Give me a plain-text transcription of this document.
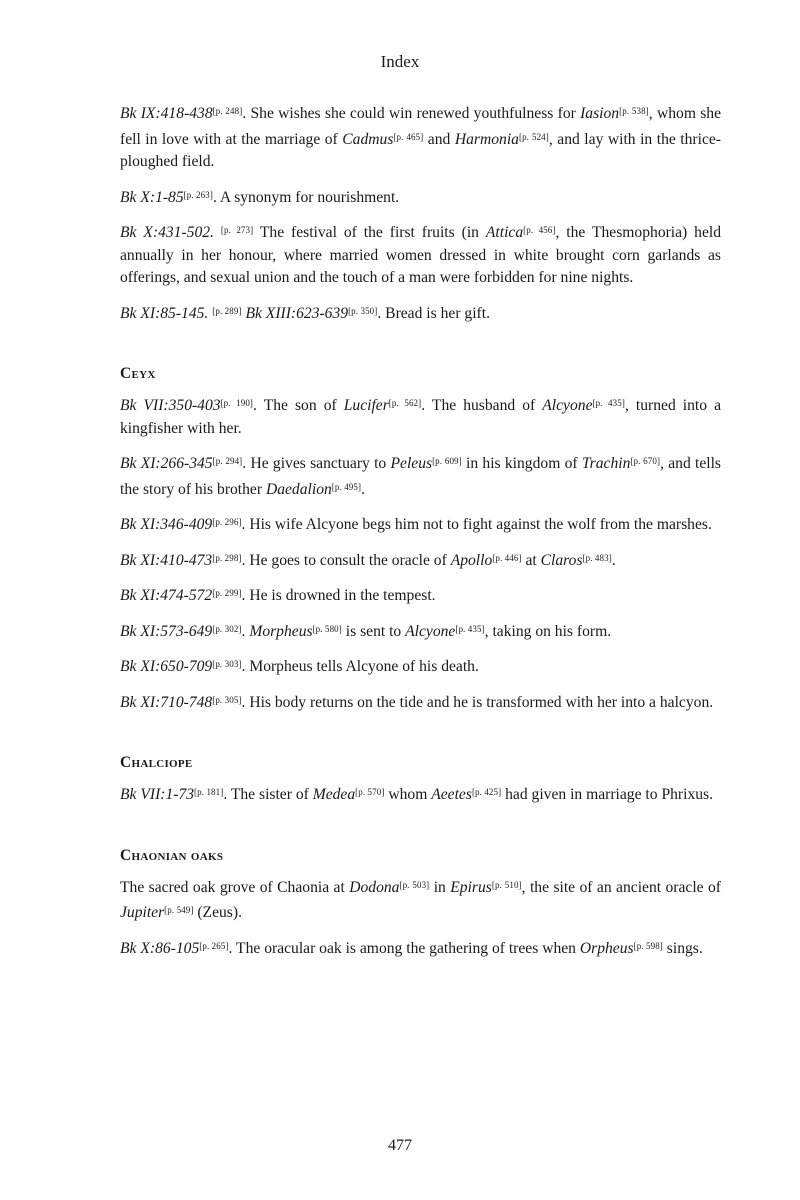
Index

Bk IX:418-438[p. 248]. She wishes she could win renewed youthfulness for Iasion[p. 538], whom she fell in love with at the marriage of Cadmus[p. 465] and Harmonia[p. 524], and lay with in the thrice-ploughed field.

Bk X:1-85[p. 263]. A synonym for nourishment.

Bk X:431-502. [p. 273] The festival of the first fruits (in Attica[p. 456], the Thesmophoria) held annually in her honour, where married women dressed in white brought corn garlands as offerings, and sexual union and the touch of a man were forbidden for nine nights.

Bk XI:85-145. [p. 289] Bk XIII:623-639[p. 350]. Bread is her gift.

Ceyx

Bk VII:350-403[p. 190]. The son of Lucifer[p. 562]. The husband of Alcyone[p. 435], turned into a kingfisher with her.

Bk XI:266-345[p. 294]. He gives sanctuary to Peleus[p. 609] in his kingdom of Trachin[p. 670], and tells the story of his brother Daedalion[p. 495].

Bk XI:346-409[p. 296]. His wife Alcyone begs him not to fight against the wolf from the marshes.

Bk XI:410-473[p. 298]. He goes to consult the oracle of Apollo[p. 446] at Claros[p. 483].

Bk XI:474-572[p. 299]. He is drowned in the tempest.

Bk XI:573-649[p. 302]. Morpheus[p. 580] is sent to Alcyone[p. 435], taking on his form.

Bk XI:650-709[p. 303]. Morpheus tells Alcyone of his death.

Bk XI:710-748[p. 305]. His body returns on the tide and he is transformed with her into a halcyon.

Chalciope

Bk VII:1-73[p. 181]. The sister of Medea[p. 570] whom Aeetes[p. 425] had given in marriage to Phrixus.

Chaonian oaks

The sacred oak grove of Chaonia at Dodona[p. 503] in Epirus[p. 510], the site of an ancient oracle of Jupiter[p. 549] (Zeus).

Bk X:86-105[p. 265]. The oracular oak is among the gathering of trees when Orpheus[p. 598] sings.

477
